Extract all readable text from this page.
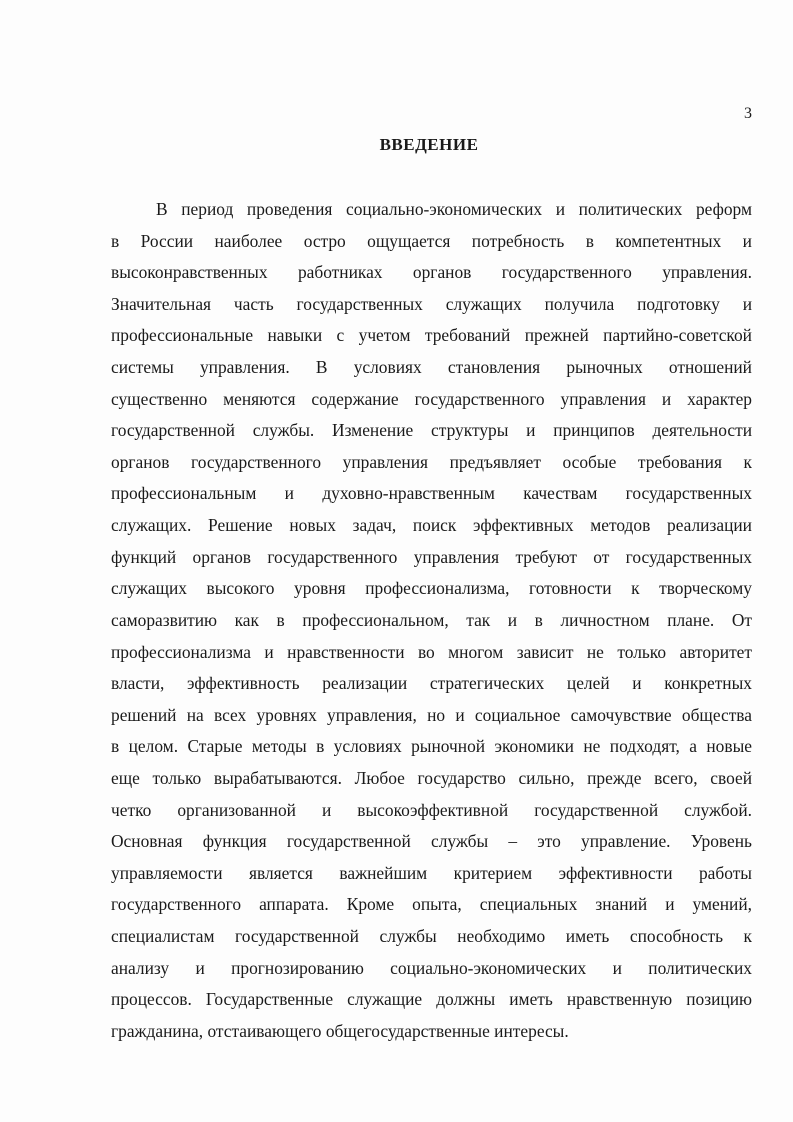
3
ВВЕДЕНИЕ
В период проведения социально-экономических и политических реформ
в России наиболее остро ощущается потребность в компетентных и
высоконравственных работниках органов государственного управления.
Значительная часть государственных служащих получила подготовку и
профессиональные навыки с учетом требований прежней партийно-советской
системы управления. В условиях становления рыночных отношений
существенно меняются содержание государственного управления и характер
государственной службы. Изменение структуры и принципов деятельности
органов государственного управления предъявляет особые требования к
профессиональным и духовно-нравственным качествам государственных
служащих. Решение новых задач, поиск эффективных методов реализации
функций органов государственного управления требуют от государственных
служащих высокого уровня профессионализма, готовности к творческому
саморазвитию как в профессиональном, так и в личностном плане. От
профессионализма и нравственности во многом зависит не только авторитет
власти, эффективность реализации стратегических целей и конкретных
решений на всех уровнях управления, но и социальное самочувствие общества
в целом. Старые методы в условиях рыночной экономики не подходят, а новые
еще только вырабатываются. Любое государство сильно, прежде всего, своей
четко организованной и высокоэффективной государственной службой.
Основная функция государственной службы – это управление. Уровень
управляемости является важнейшим критерием эффективности работы
государственного аппарата. Кроме опыта, специальных знаний и умений,
специалистам государственной службы необходимо иметь способность к
анализу и прогнозированию социально-экономических и политических
процессов. Государственные служащие должны иметь нравственную позицию
гражданина, отстаивающего общегосударственные интересы.
